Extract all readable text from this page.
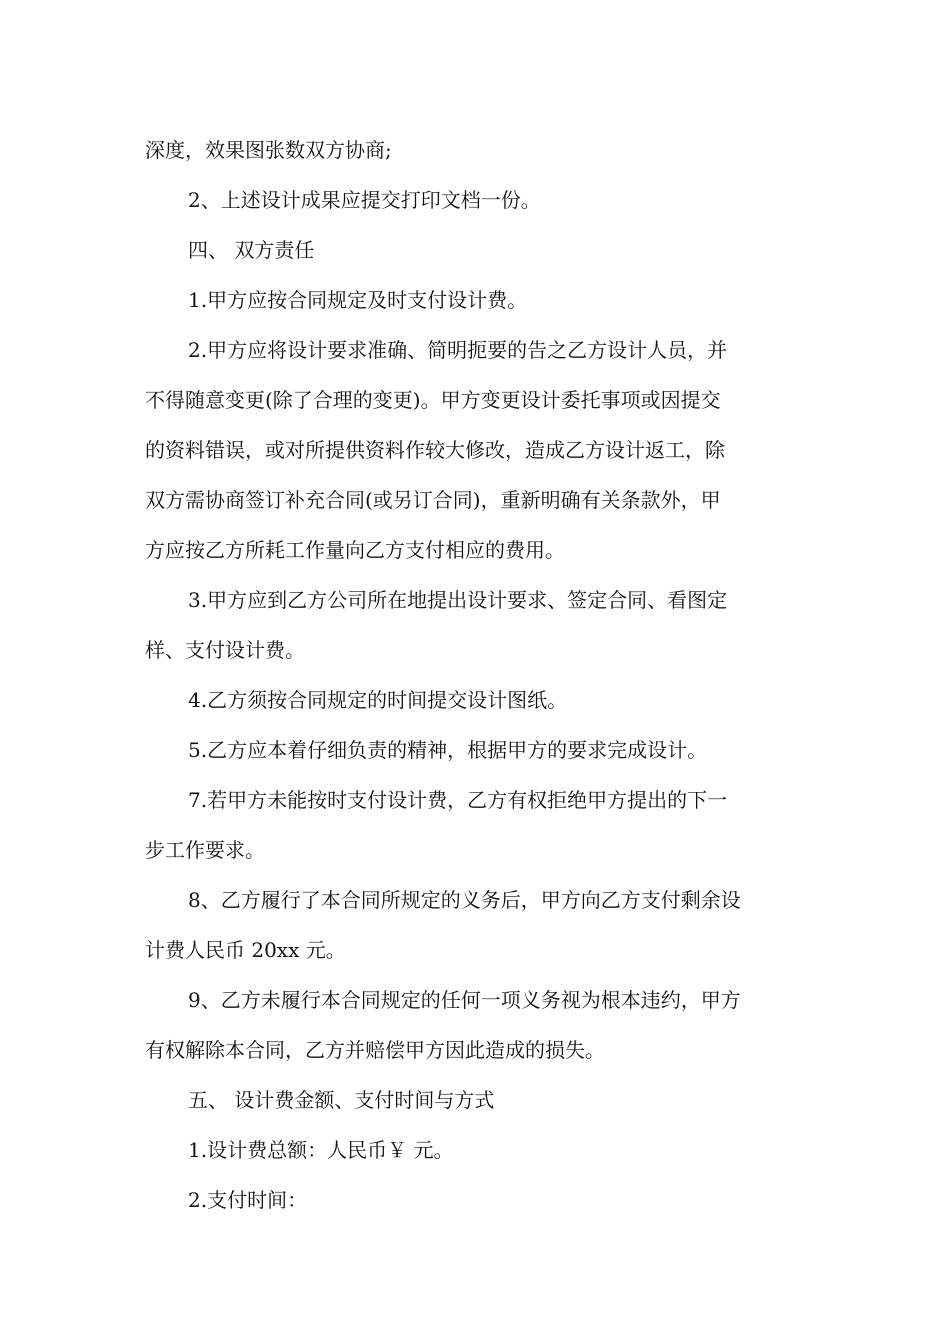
深度，效果图张数双方协商;
2、上述设计成果应提交打印文档一份。
四、 双方责任
1.甲方应按合同规定及时支付设计费。
2.甲方应将设计要求准确、简明扼要的告之乙方设计人员，并
不得随意变更(除了合理的变更)。甲方变更设计委托事项或因提交
的资料错误，或对所提供资料作较大修改，造成乙方设计返工，除
双方需协商签订补充合同(或另订合同)，重新明确有关条款外，甲
方应按乙方所耗工作量向乙方支付相应的费用。
3.甲方应到乙方公司所在地提出设计要求、签定合同、看图定
样、支付设计费。
4.乙方须按合同规定的时间提交设计图纸。
5.乙方应本着仔细负责的精神，根据甲方的要求完成设计。
7.若甲方未能按时支付设计费，乙方有权拒绝甲方提出的下一
步工作要求。
8、乙方履行了本合同所规定的义务后，甲方向乙方支付剩余设
计费人民币 20xx 元。
9、乙方未履行本合同规定的任何一项义务视为根本违约，甲方
有权解除本合同，乙方并赔偿甲方因此造成的损失。
五、 设计费金额、支付时间与方式
1.设计费总额：人民币￥ 元。
2.支付时间：
